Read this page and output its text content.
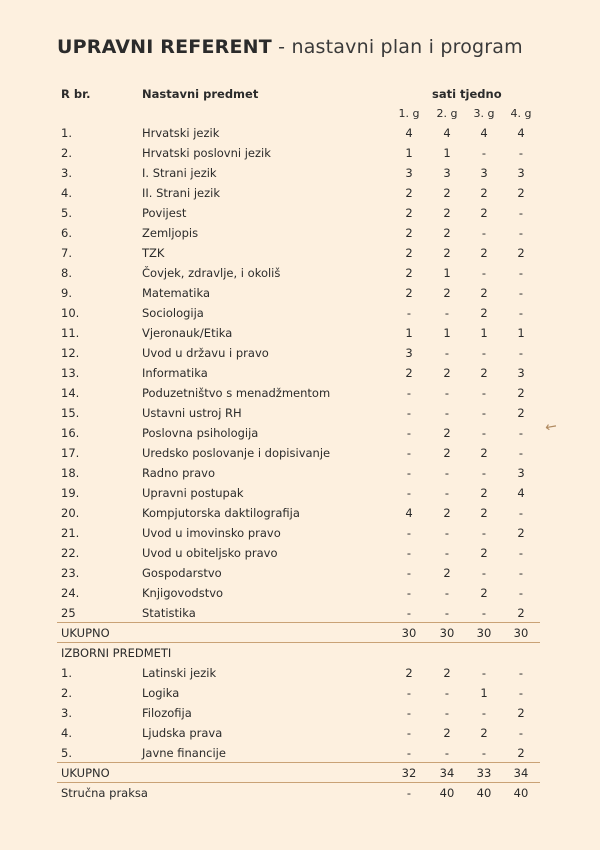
UPRAVNI REFERENT - nastavni plan i program
R br.	Nastavni predmet	sati tjedno
1. g	2. g	3. g	4. g
1.	Hrvatski jezik	4	4	4	4
2.	Hrvatski poslovni jezik	1	1	-	-
3.	I. Strani jezik	3	3	3	3
4.	II. Strani jezik	2	2	2	2
5.	Povijest	2	2	2	-
6.	Zemljopis	2	2	-	-
7.	TZK	2	2	2	2
8.	Čovjek, zdravlje, i okoliš	2	1	-	-
9.	Matematika	2	2	2	-
10.	Sociologija	-	-	2	-
11.	Vjeronauk/Etika	1	1	1	1
12.	Uvod u državu i pravo	3	-	-	-
13.	Informatika	2	2	2	3
14.	Poduzetništvo s menadžmentom	-	-	-	2
15.	Ustavni ustroj RH	-	-	-	2
16.	Poslovna psihologija	-	2	-	-
17.	Uredsko poslovanje i dopisivanje	-	2	2	-
18.	Radno pravo	-	-	-	3
19.	Upravni postupak	-	-	2	4
20.	Kompjutorska daktilografija	4	2	2	-
21.	Uvod u imovinsko pravo	-	-	-	2
22.	Uvod u obiteljsko pravo	-	-	2	-
23.	Gospodarstvo	-	2	-	-
24.	Knjigovodstvo	-	-	2	-
25	Statistika	-	-	-	2
UKUPNO	30	30	30	30
IZBORNI PREDMETI
1.	Latinski jezik	2	2	-	-
2.	Logika	-	-	1	-
3.	Filozofija	-	-	-	2
4.	Ljudska prava	-	2	2	-
5.	Javne financije	-	-	-	2
UKUPNO	32	34	33	34
Stručna praksa	-	40	40	40
↙
